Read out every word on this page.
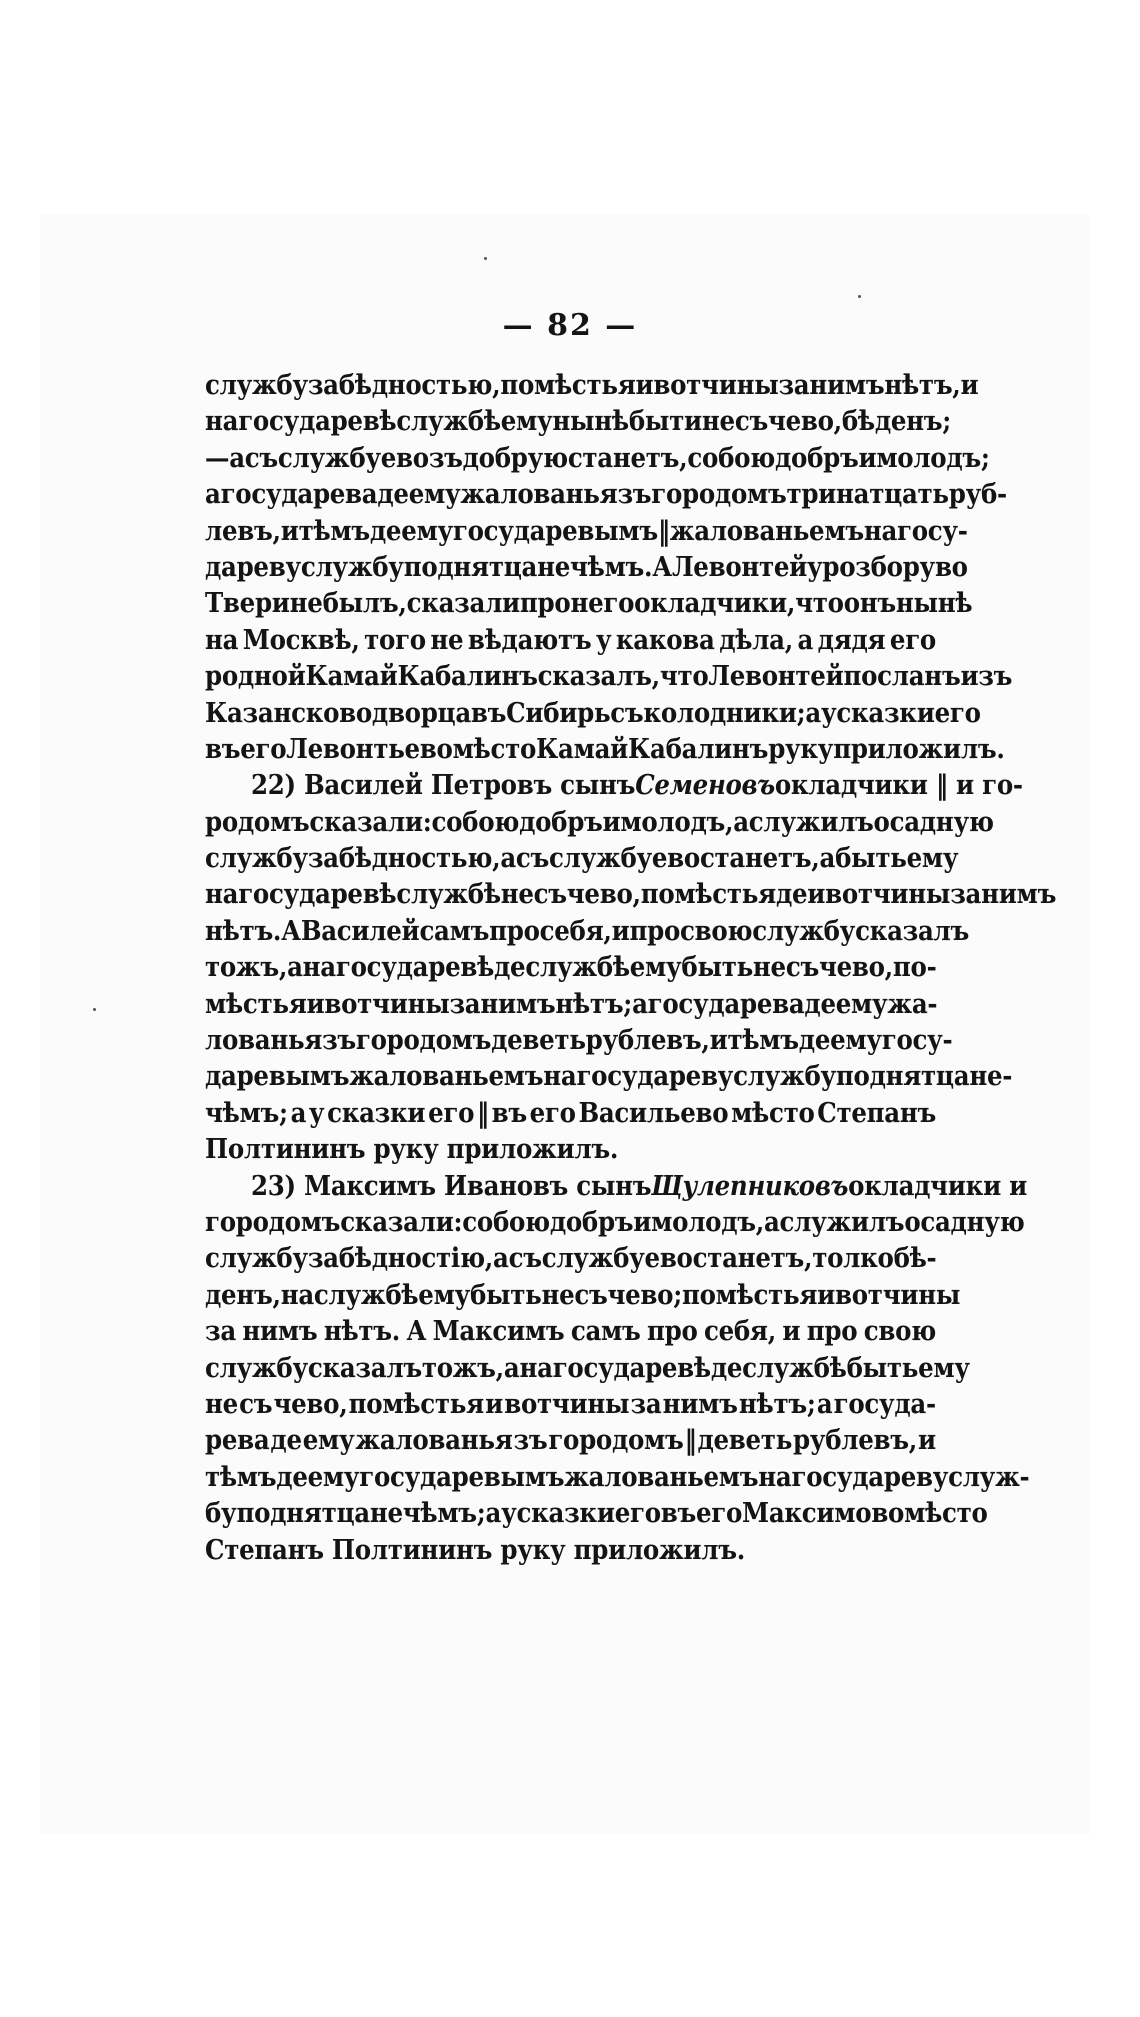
— 82 —
службу за бѣдностью, помѣстья и вотчины за нимъ нѣтъ, и
на государевѣ службѣ ему нынѣ быти не съ чево, бѣденъ;
—а съ службу ево зъ добрую станетъ, собою добръ и молодъ;
а государева де ему жалованья зъ городомъ тринатцать руб-
левъ, и тѣмъ де ему государевымъ ‖ жалованьемъ на госу-
дареву службу поднятца нечѣмъ. А Левонтей у розбору во
Твери не былъ, сказали про него окладчики, что онъ нынѣ
на Москвѣ, того не вѣдаютъ у какова дѣла, а дядя его
родной Камай Кабалинъ сказалъ, что Левонтей посланъ изъ
Казансково дворца въ Сибирь съ колодники; а у сказки его
въ его Левонтьево мѣсто Камай Кабалинъ руку приложилъ.
22) Василей Петровъ сынъ Семеновъ окладчики ‖ и го-
родомъ сказали: собою добръ и молодъ, а служилъ осадную
службу за бѣдностью, а съ службу ево станетъ, а быть ему
на государевѣ службѣ не съ чево, помѣстья де и вотчины за нимъ
нѣтъ. А Василей самъ про себя, и про свою службу сказалъ
тожъ, а на государевѣ де службѣ ему быть не съ чево, по-
мѣстья и вотчины за нимъ нѣтъ; а государева де ему жа-
лованья зъ городомъ деветь рублевъ, и тѣмъ де ему госу-
даревымъ жалованьемъ на государеву службу поднятца не-
чѣмъ; а у сказки его ‖ въ его Васильево мѣсто Степанъ
Полтининъ руку приложилъ.
23) Максимъ Ивановъ сынъ Щулепниковъ окладчики и
городомъ сказали: собою добръ и молодъ, а служилъ осадную
службу за бѣдностію, а съ службу ево станетъ, толко бѣ-
денъ, на службѣ ему быть не съ чево; помѣстья и вотчины
за нимъ нѣтъ. А Максимъ самъ про себя, и про свою
службу сказалъ тожъ, а на государевѣ де службѣ быть ему
не съ чево, помѣстья и вотчины за нимъ нѣтъ; а госуда-
рева де ему жалованья зъ городомъ ‖ деветь рублевъ, и
тѣмъ де ему государевымъ жалованьемъ на государеву служ-
бу поднятца нечѣмъ; а у сказки его въ его Максимово мѣсто
Степанъ Полтининъ руку приложилъ.
